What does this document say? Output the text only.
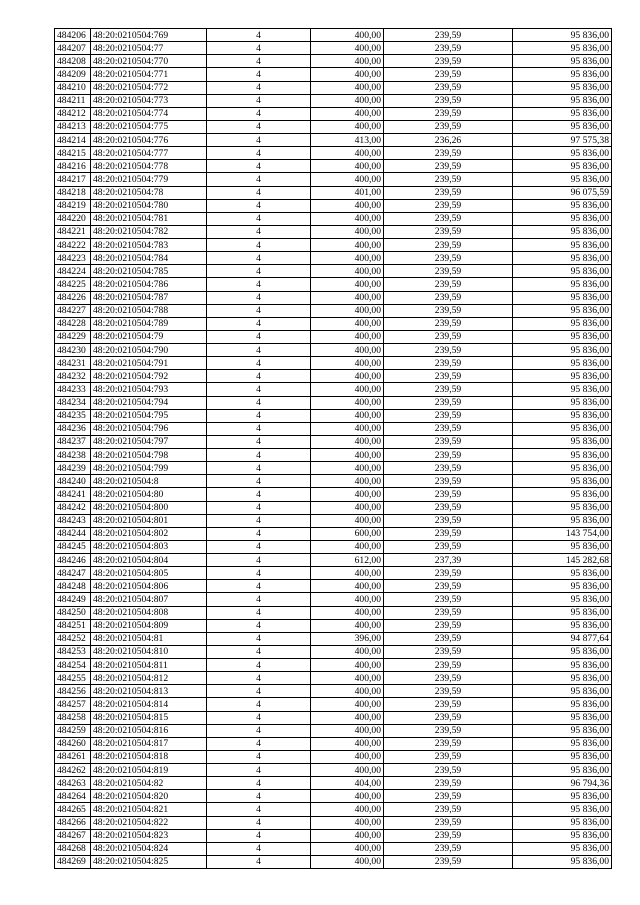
484206	48:20:0210504:769	4	400,00	239,59	95 836,00
484207	48:20:0210504:77	4	400,00	239,59	95 836,00
484208	48:20:0210504:770	4	400,00	239,59	95 836,00
484209	48:20:0210504:771	4	400,00	239,59	95 836,00
484210	48:20:0210504:772	4	400,00	239,59	95 836,00
484211	48:20:0210504:773	4	400,00	239,59	95 836,00
484212	48:20:0210504:774	4	400,00	239,59	95 836,00
484213	48:20:0210504:775	4	400,00	239,59	95 836,00
484214	48:20:0210504:776	4	413,00	236,26	97 575,38
484215	48:20:0210504:777	4	400,00	239,59	95 836,00
484216	48:20:0210504:778	4	400,00	239,59	95 836,00
484217	48:20:0210504:779	4	400,00	239,59	95 836,00
484218	48:20:0210504:78	4	401,00	239,59	96 075,59
484219	48:20:0210504:780	4	400,00	239,59	95 836,00
484220	48:20:0210504:781	4	400,00	239,59	95 836,00
484221	48:20:0210504:782	4	400,00	239,59	95 836,00
484222	48:20:0210504:783	4	400,00	239,59	95 836,00
484223	48:20:0210504:784	4	400,00	239,59	95 836,00
484224	48:20:0210504:785	4	400,00	239,59	95 836,00
484225	48:20:0210504:786	4	400,00	239,59	95 836,00
484226	48:20:0210504:787	4	400,00	239,59	95 836,00
484227	48:20:0210504:788	4	400,00	239,59	95 836,00
484228	48:20:0210504:789	4	400,00	239,59	95 836,00
484229	48:20:0210504:79	4	400,00	239,59	95 836,00
484230	48:20:0210504:790	4	400,00	239,59	95 836,00
484231	48:20:0210504:791	4	400,00	239,59	95 836,00
484232	48:20:0210504:792	4	400,00	239,59	95 836,00
484233	48:20:0210504:793	4	400,00	239,59	95 836,00
484234	48:20:0210504:794	4	400,00	239,59	95 836,00
484235	48:20:0210504:795	4	400,00	239,59	95 836,00
484236	48:20:0210504:796	4	400,00	239,59	95 836,00
484237	48:20:0210504:797	4	400,00	239,59	95 836,00
484238	48:20:0210504:798	4	400,00	239,59	95 836,00
484239	48:20:0210504:799	4	400,00	239,59	95 836,00
484240	48:20:0210504:8	4	400,00	239,59	95 836,00
484241	48:20:0210504:80	4	400,00	239,59	95 836,00
484242	48:20:0210504:800	4	400,00	239,59	95 836,00
484243	48:20:0210504:801	4	400,00	239,59	95 836,00
484244	48:20:0210504:802	4	600,00	239,59	143 754,00
484245	48:20:0210504:803	4	400,00	239,59	95 836,00
484246	48:20:0210504:804	4	612,00	237,39	145 282,68
484247	48:20:0210504:805	4	400,00	239,59	95 836,00
484248	48:20:0210504:806	4	400,00	239,59	95 836,00
484249	48:20:0210504:807	4	400,00	239,59	95 836,00
484250	48:20:0210504:808	4	400,00	239,59	95 836,00
484251	48:20:0210504:809	4	400,00	239,59	95 836,00
484252	48:20:0210504:81	4	396,00	239,59	94 877,64
484253	48:20:0210504:810	4	400,00	239,59	95 836,00
484254	48:20:0210504:811	4	400,00	239,59	95 836,00
484255	48:20:0210504:812	4	400,00	239,59	95 836,00
484256	48:20:0210504:813	4	400,00	239,59	95 836,00
484257	48:20:0210504:814	4	400,00	239,59	95 836,00
484258	48:20:0210504:815	4	400,00	239,59	95 836,00
484259	48:20:0210504:816	4	400,00	239,59	95 836,00
484260	48:20:0210504:817	4	400,00	239,59	95 836,00
484261	48:20:0210504:818	4	400,00	239,59	95 836,00
484262	48:20:0210504:819	4	400,00	239,59	95 836,00
484263	48:20:0210504:82	4	404,00	239,59	96 794,36
484264	48:20:0210504:820	4	400,00	239,59	95 836,00
484265	48:20:0210504:821	4	400,00	239,59	95 836,00
484266	48:20:0210504:822	4	400,00	239,59	95 836,00
484267	48:20:0210504:823	4	400,00	239,59	95 836,00
484268	48:20:0210504:824	4	400,00	239,59	95 836,00
484269	48:20:0210504:825	4	400,00	239,59	95 836,00
